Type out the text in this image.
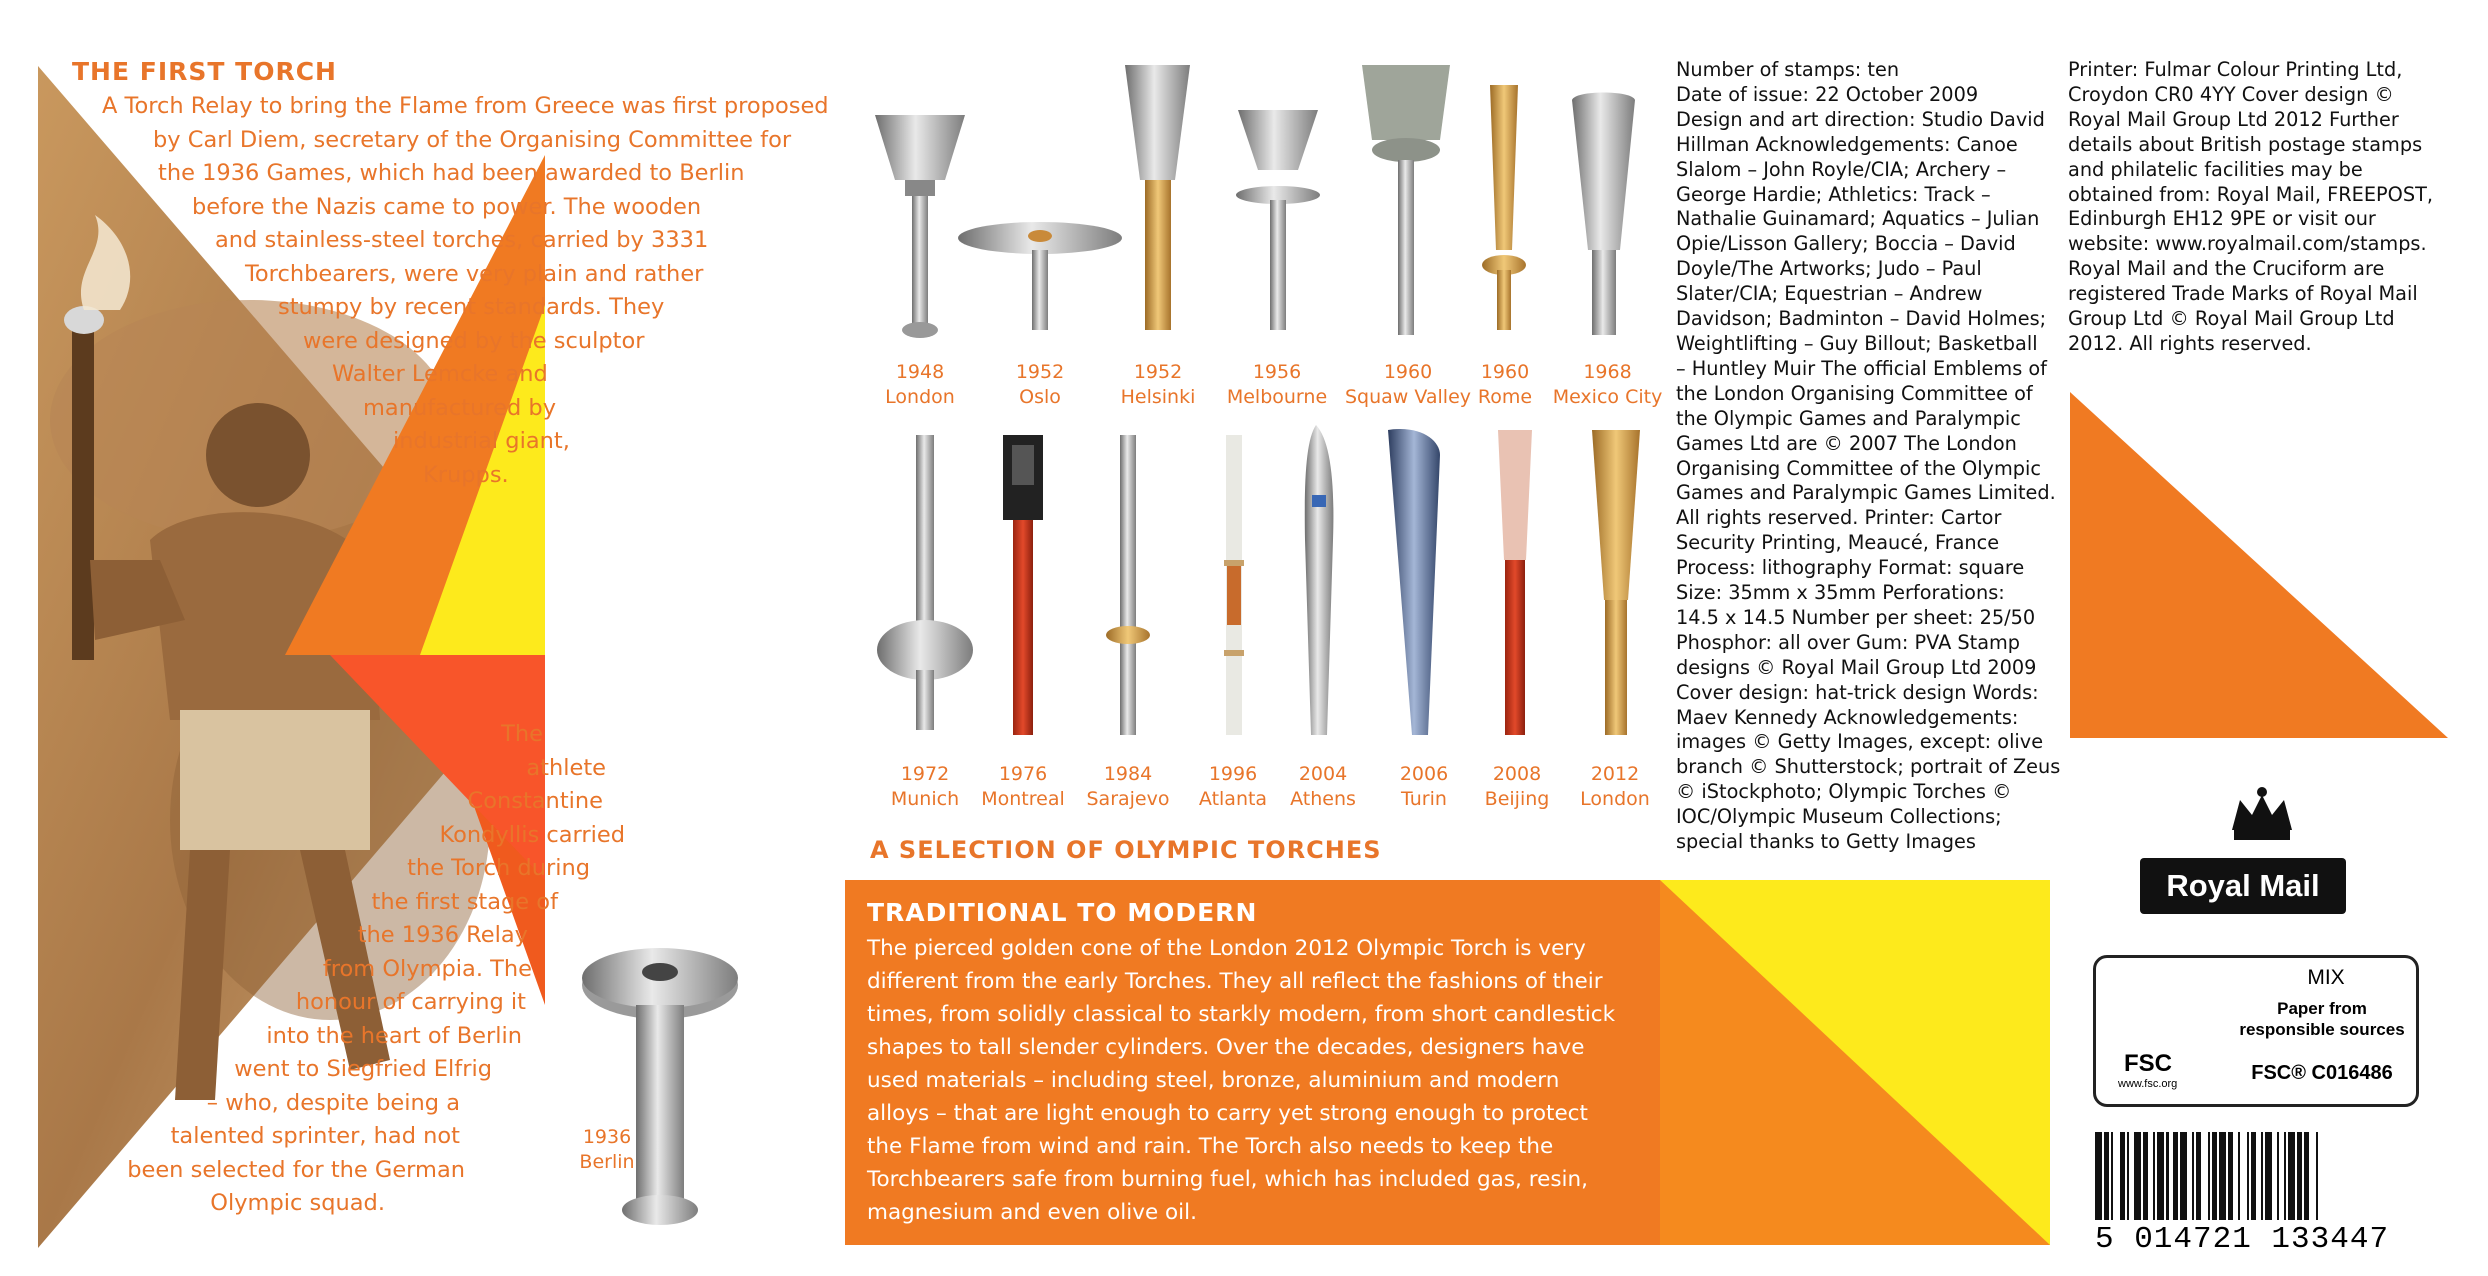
THE FIRST TORCH
A Torch Relay to bring the Flame from Greece was first proposed
by Carl Diem, secretary of the Organising Committee for
the 1936 Games, which had been awarded to Berlin
before the Nazis came to power. The wooden
and stainless-steel torches, carried by 3331
Torchbearers, were very plain and rather
stumpy by recent standards. They
were designed by the sculptor
Walter Lemcke and
manufactured by
industrial giant,
Krupps.
The
athlete
Constantine
Kondyllis carried
the Torch during
the first stage of
the 1936 Relay
from Olympia. The
honour of carrying it
into the heart of Berlin
went to Siegfried Elfrig
– who, despite being a
talented sprinter, had not
been selected for the German
Olympic squad.
1936
Berlin
1948
London
1952
Oslo
1952
Helsinki
1956
Melbourne
1960
Squaw Valley
1960
Rome
1968
Mexico City
1972
Munich
1976
Montreal
1984
Sarajevo
1996
Atlanta
2004
Athens
2006
Turin
2008
Beijing
2012
London
A SELECTION OF OLYMPIC TORCHES
TRADITIONAL TO MODERN
The pierced golden cone of the London 2012 Olympic Torch is very
different from the early Torches. They all reflect the fashions of their
times, from solidly classical to starkly modern, from short candlestick
shapes to tall slender cylinders. Over the decades, designers have
used materials – including steel, bronze, aluminium and modern
alloys – that are light enough to carry yet strong enough to protect
the Flame from wind and rain. The Torch also needs to keep the
Torchbearers safe from burning fuel, which has included gas, resin,
magnesium and even olive oil.
Number of stamps: ten
Date of issue: 22 October 2009
Design and art direction: Studio David
Hillman Acknowledgements: Canoe
Slalom – John Royle/CIA; Archery –
George Hardie; Athletics: Track –
Nathalie Guinamard; Aquatics – Julian
Opie/Lisson Gallery; Boccia – David
Doyle/The Artworks; Judo – Paul
Slater/CIA; Equestrian – Andrew
Davidson; Badminton – David Holmes;
Weightlifting – Guy Billout; Basketball
– Huntley Muir The official Emblems of
the London Organising Committee of
the Olympic Games and Paralympic
Games Ltd are © 2007 The London
Organising Committee of the Olympic
Games and Paralympic Games Limited.
All rights reserved. Printer: Cartor
Security Printing, Meaucé, France
Process: lithography Format: square
Size: 35mm x 35mm Perforations:
14.5 x 14.5 Number per sheet: 25/50
Phosphor: all over Gum: PVA Stamp
designs © Royal Mail Group Ltd 2009
Cover design: hat-trick design Words:
Maev Kennedy Acknowledgements:
images © Getty Images, except: olive
branch © Shutterstock; portrait of Zeus
© iStockphoto; Olympic Torches ©
IOC/Olympic Museum Collections;
special thanks to Getty Images
Printer: Fulmar Colour Printing Ltd,
Croydon CR0 4YY Cover design ©
Royal Mail Group Ltd 2012 Further
details about British postage stamps
and philatelic facilities may be
obtained from: Royal Mail, FREEPOST,
Edinburgh EH12 9PE or visit our
website: www.royalmail.com/stamps.
Royal Mail and the Cruciform are
registered Trade Marks of Royal Mail
Group Ltd © Royal Mail Group Ltd
2012. All rights reserved.
Royal Mail
FSC
www.fsc.org
MIX
Paper from
responsible sources
FSC® C016486
5 014721 133447
